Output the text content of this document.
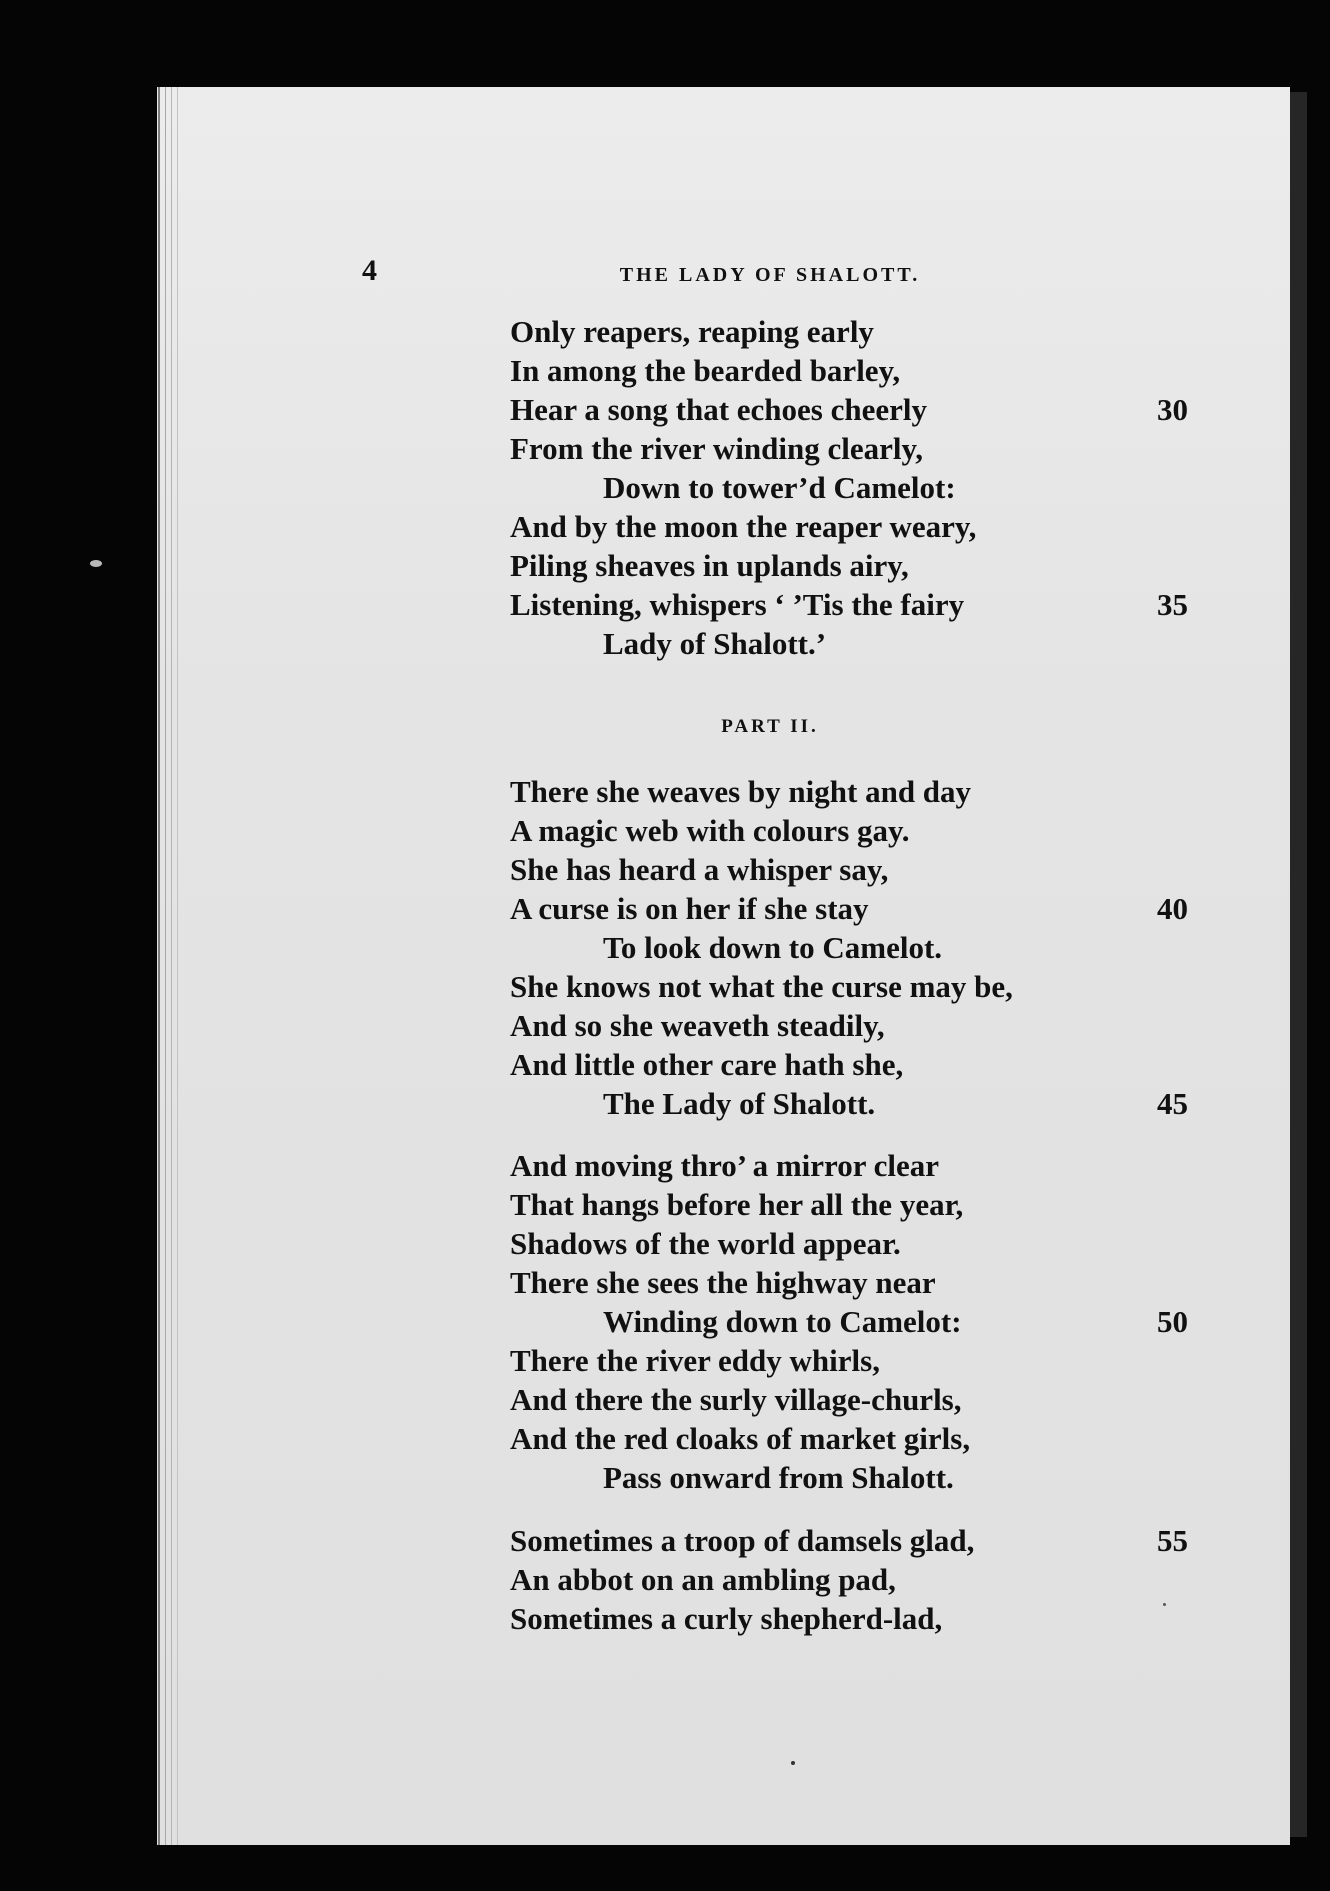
4	THE LADY OF SHALOTT.
Only reapers, reaping early
In among the bearded barley,
Hear a song that echoes cheerly	30
From the river winding clearly,
Down to tower’d Camelot:
And by the moon the reaper weary,
Piling sheaves in uplands airy,
Listening, whispers ‘ ’Tis the fairy	35
Lady of Shalott.’
PART II.
There she weaves by night and day
A magic web with colours gay.
She has heard a whisper say,
A curse is on her if she stay	40
To look down to Camelot.
She knows not what the curse may be,
And so she weaveth steadily,
And little other care hath she,
The Lady of Shalott.	45
And moving thro’ a mirror clear
That hangs before her all the year,
Shadows of the world appear.
There she sees the highway near
Winding down to Camelot:	50
There the river eddy whirls,
And there the surly village-churls,
And the red cloaks of market girls,
Pass onward from Shalott.
Sometimes a troop of damsels glad,	55
An abbot on an ambling pad,
Sometimes a curly shepherd-lad,
